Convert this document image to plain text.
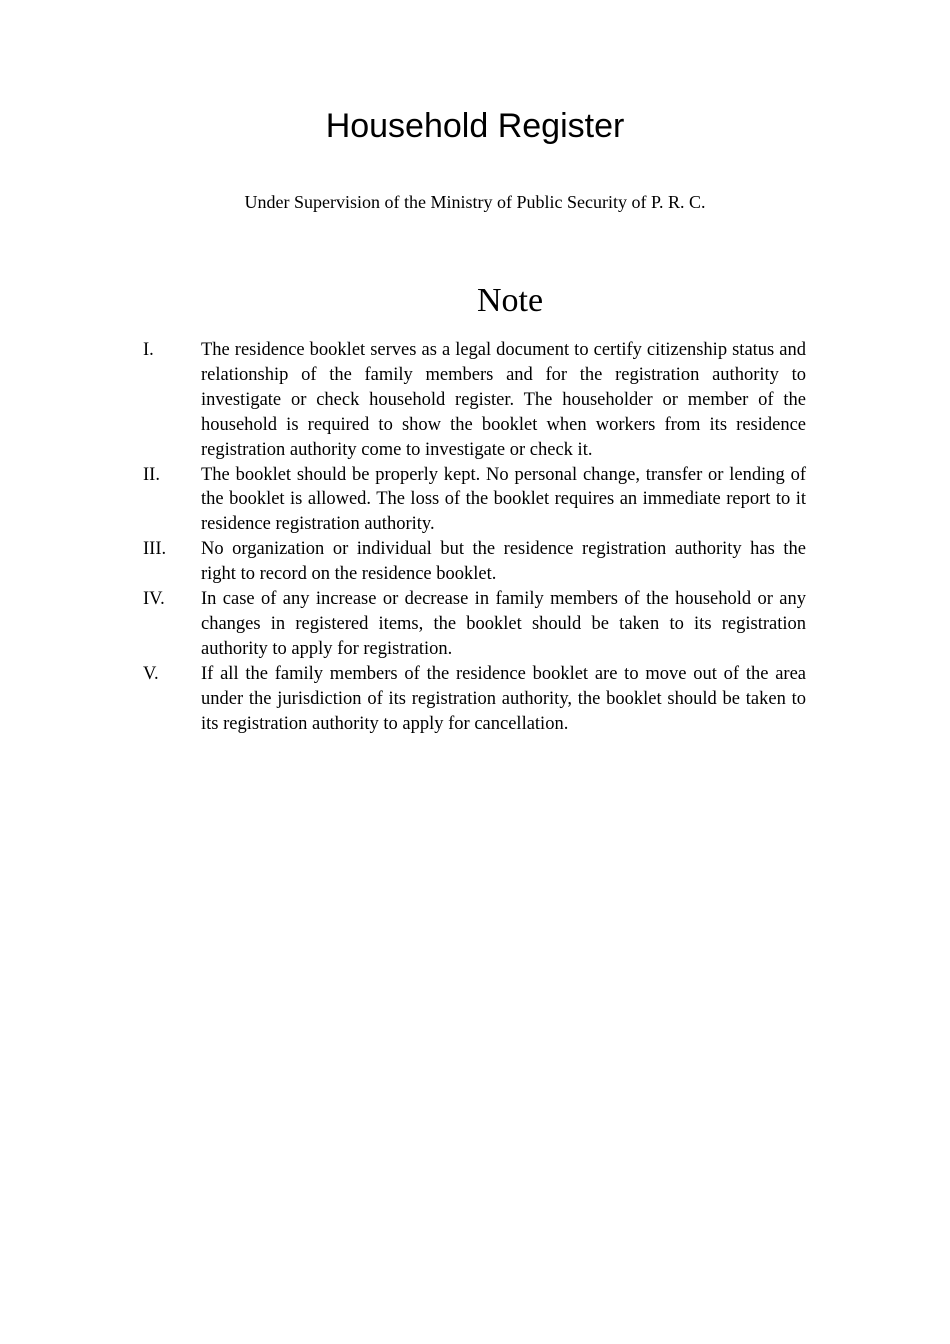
Household Register
Under Supervision of the Ministry of Public Security of P. R. C.
Note
I.	The residence booklet serves as a legal document to certify citizenship status and relationship of the family members and for the registration authority to investigate or check household register. The householder or member of the household is required to show the booklet when workers from its residence registration authority come to investigate or check it.
II.	The booklet should be properly kept. No personal change, transfer or lending of the booklet is allowed. The loss of the booklet requires an immediate report to it residence registration authority.
III.	No organization or individual but the residence registration authority has the right to record on the residence booklet.
IV.	In case of any increase or decrease in family members of the household or any changes in registered items, the booklet should be taken to its registration authority to apply for registration.
V.	If all the family members of the residence booklet are to move out of the area under the jurisdiction of its registration authority, the booklet should be taken to its registration authority to apply for cancellation.
